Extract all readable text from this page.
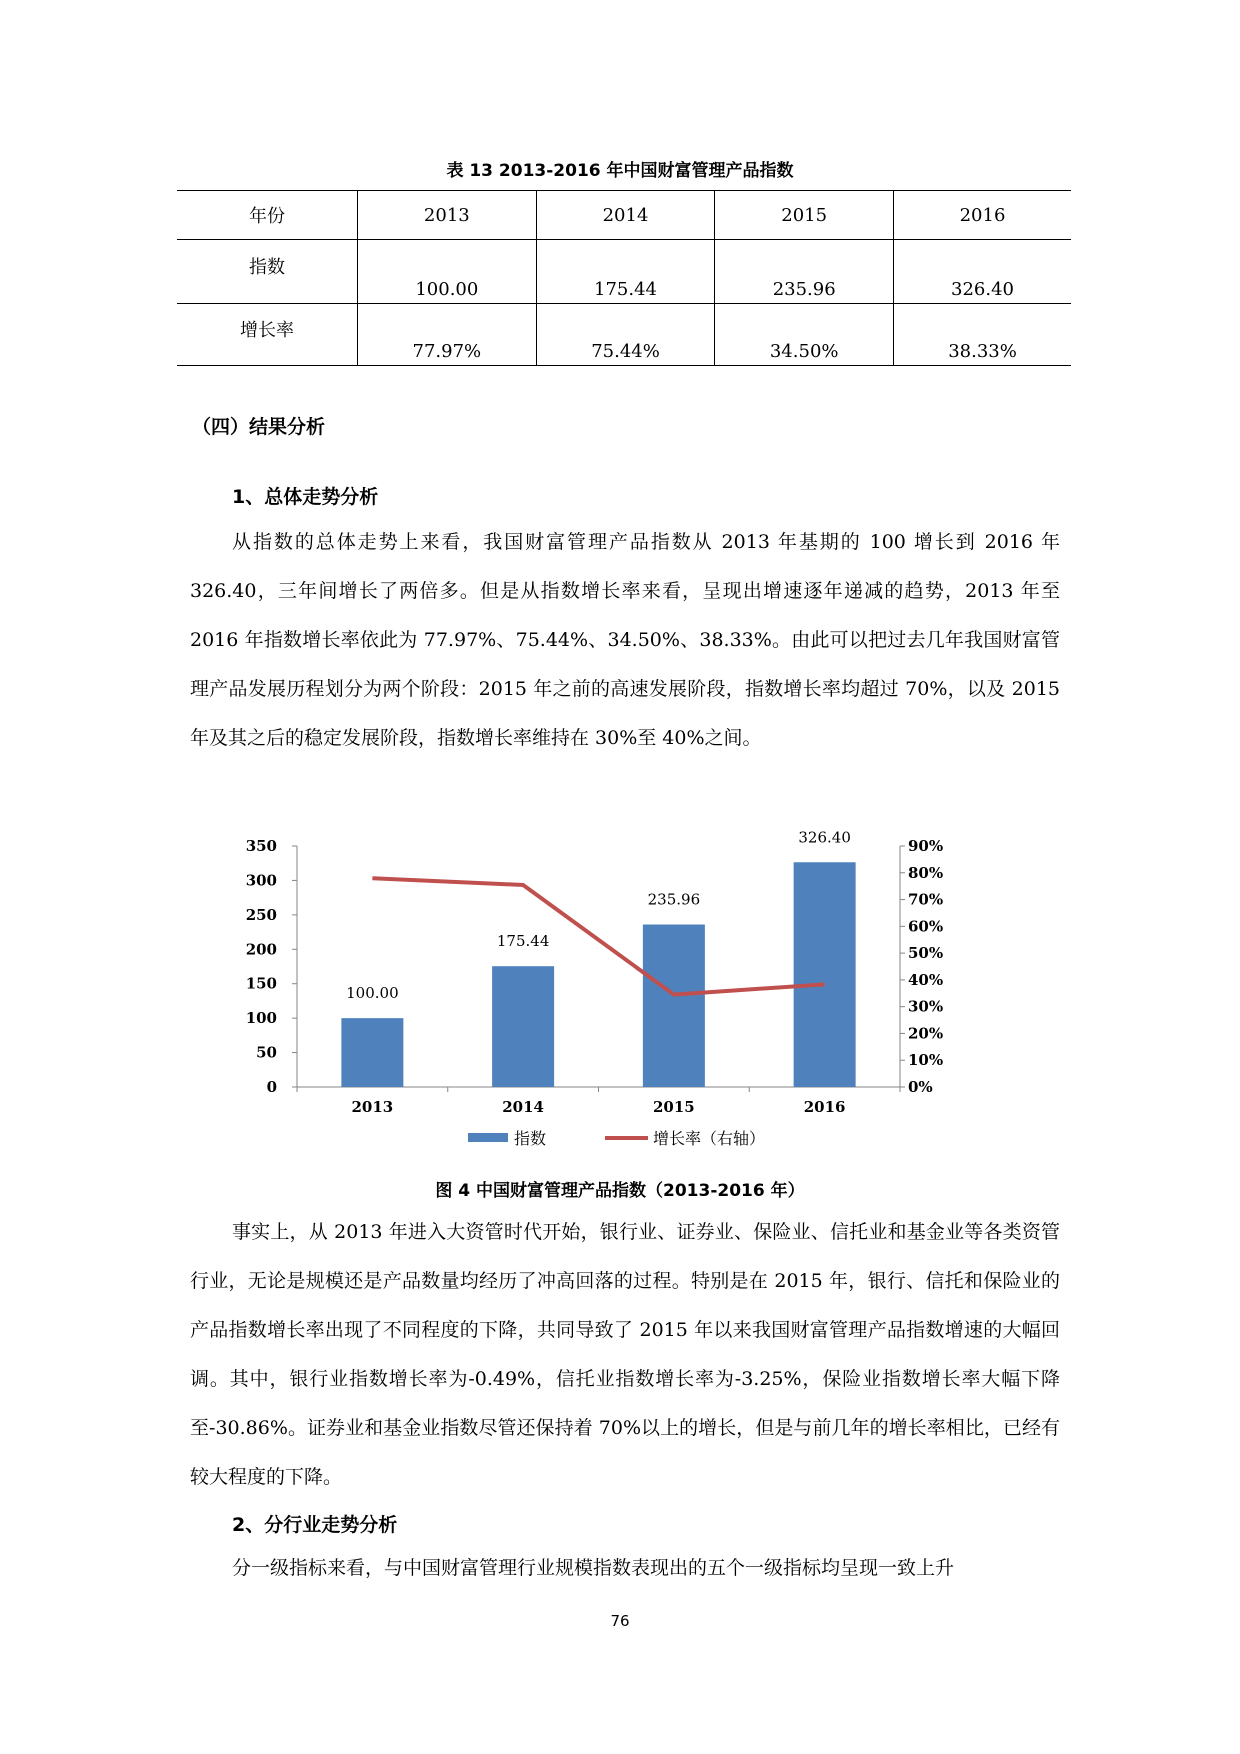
表 13 2013-2016 年中国财富管理产品指数
年份	2013	2014	2015	2016
指数	100.00	175.44	235.96	326.40
增长率	77.97%	75.44%	34.50%	38.33%
（四）结果分析
1、总体走势分析

从指数的总体走势上来看，我国财富管理产品指数从 2013 年基期的 100 增长到 2016 年 326.40，三年间增长了两倍多。但是从指数增长率来看，呈现出增速逐年递减的趋势，2013 年至 2016 年指数增长率依此为 77.97%、75.44%、34.50%、38.33%。由此可以把过去几年我国财富管理产品发展历程划分为两个阶段：2015 年之前的高速发展阶段，指数增长率均超过 70%，以及 2015 年及其之后的稳定发展阶段，指数增长率维持在 30%至 40%之间。

0
50
100
150
200
250
300
350
0%
10%
20%
30%
40%
50%
60%
70%
80%
90%
2013	2014	2015	2016
100.00
175.44
235.96
326.40
指数	增长率（右轴）
图 4 中国财富管理产品指数（2013-2016 年）

事实上，从 2013 年进入大资管时代开始，银行业、证券业、保险业、信托业和基金业等各类资管行业，无论是规模还是产品数量均经历了冲高回落的过程。特别是在 2015 年，银行、信托和保险业的产品指数增长率出现了不同程度的下降，共同导致了 2015 年以来我国财富管理产品指数增速的大幅回调。其中，银行业指数增长率为-0.49%，信托业指数增长率为-3.25%，保险业指数增长率大幅下降至-30.86%。证券业和基金业指数尽管还保持着 70%以上的增长，但是与前几年的增长率相比，已经有较大程度的下降。

2、分行业走势分析

分一级指标来看，与中国财富管理行业规模指数表现出的五个一级指标均呈现一致上升

76
